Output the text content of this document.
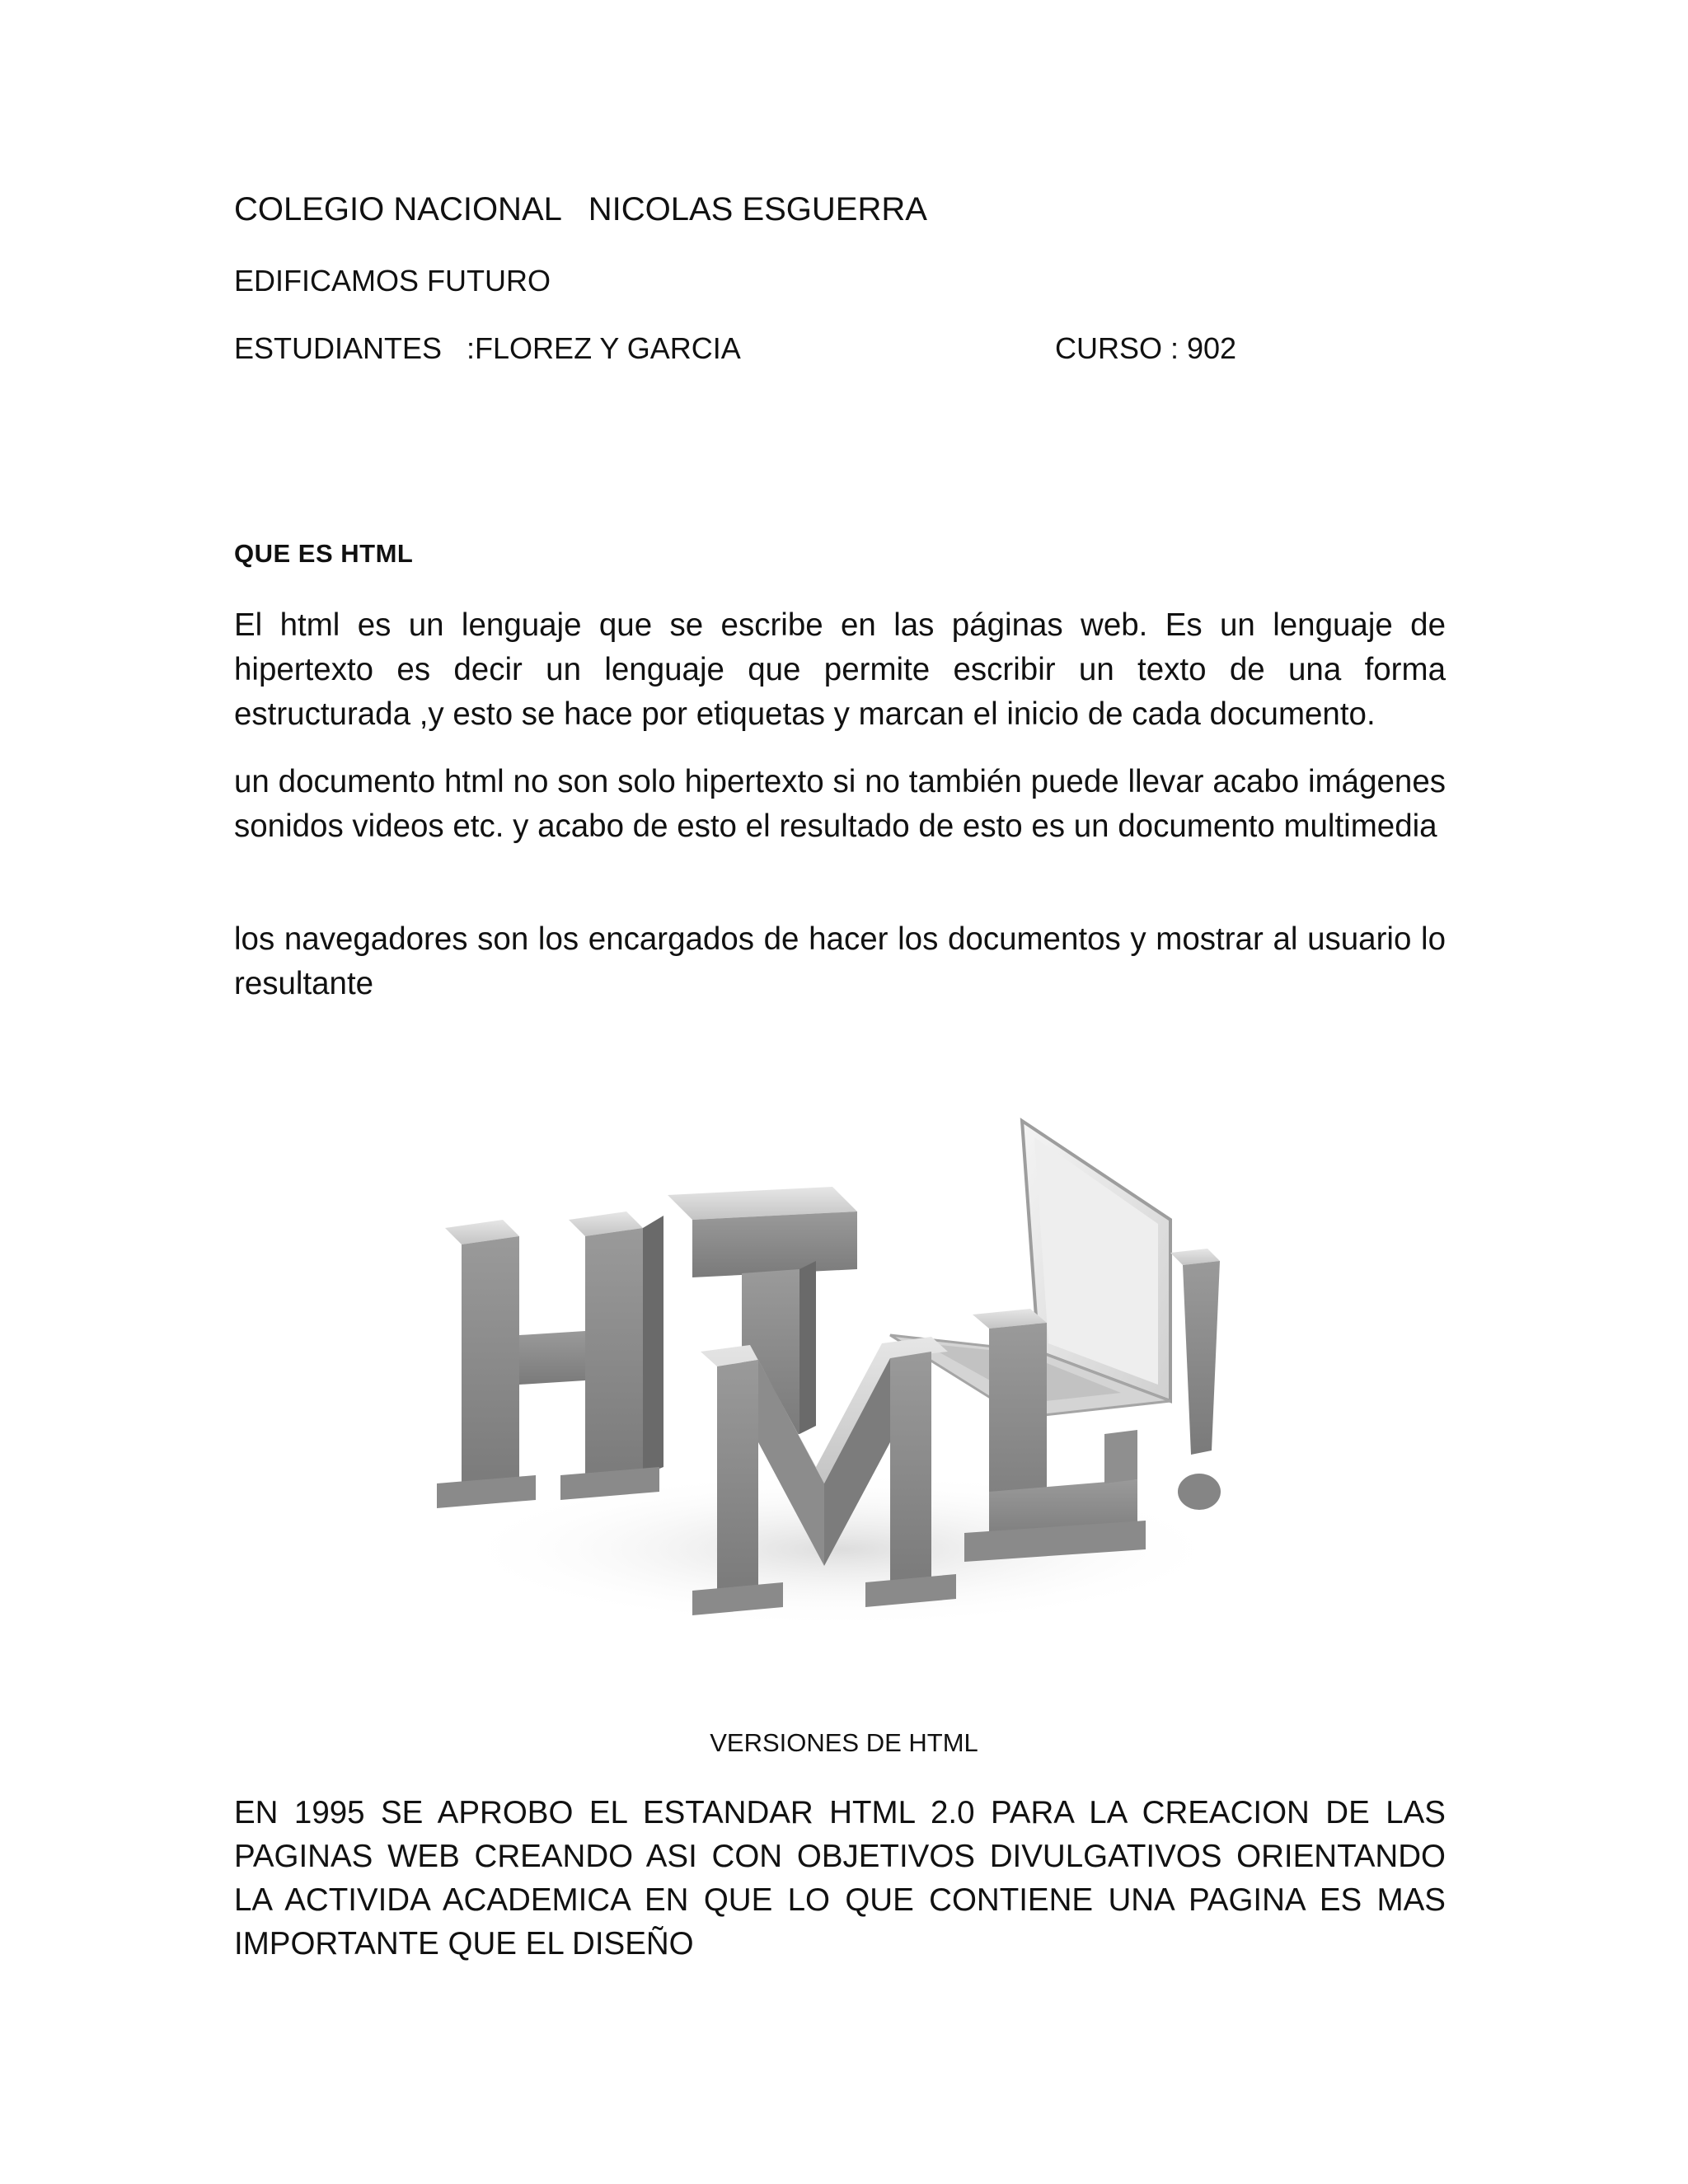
COLEGIO NACIONAL   NICOLAS ESGUERRA
EDIFICAMOS FUTURO
ESTUDIANTES   :FLOREZ Y GARCIA	CURSO : 902
QUE ES HTML

El html es un lenguaje que se escribe en las páginas web. Es un lenguaje de hipertexto es decir un lenguaje que permite escribir un texto de una forma estructurada ,y esto se hace por etiquetas y marcan el inicio de cada documento.

un documento html no son solo hipertexto si no también puede llevar acabo imágenes sonidos videos etc. y acabo de esto el resultado de esto es un documento multimedia

los navegadores son los encargados de hacer los documentos y mostrar al usuario lo resultante

VERSIONES DE HTML

EN 1995 SE APROBO EL ESTANDAR HTML 2.0 PARA LA CREACION DE LAS PAGINAS WEB CREANDO ASI CON OBJETIVOS DIVULGATIVOS ORIENTANDO LA ACTIVIDA ACADEMICA EN QUE LO QUE CONTIENE UNA PAGINA ES MAS IMPORTANTE QUE EL DISEÑO
